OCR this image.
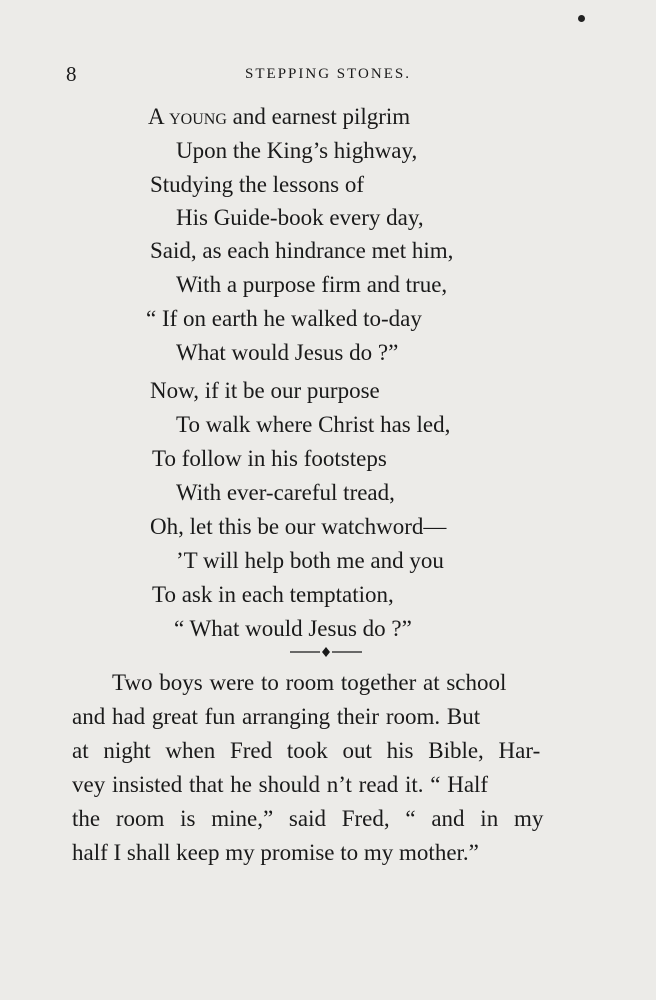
8	STEPPING STONES.
A young and earnest pilgrim
Upon the King’s highway,
Studying the lessons of
His Guide-book every day,
Said, as each hindrance met him,
With a purpose firm and true,
“ If on earth he walked to-day
What would Jesus do ?”
Now, if it be our purpose
To walk where Christ has led,
To follow in his footsteps
With ever-careful tread,
Oh, let this be our watchword—
’T will help both me and you
To ask in each temptation,
“ What would Jesus do ?”
Two boys were to room together at school
and had great fun arranging their room. But
at night when Fred took out his Bible, Har-
vey insisted that he should n’t read it. “ Half
the room is mine,” said Fred, “ and in my
half I shall keep my promise to my mother.”
